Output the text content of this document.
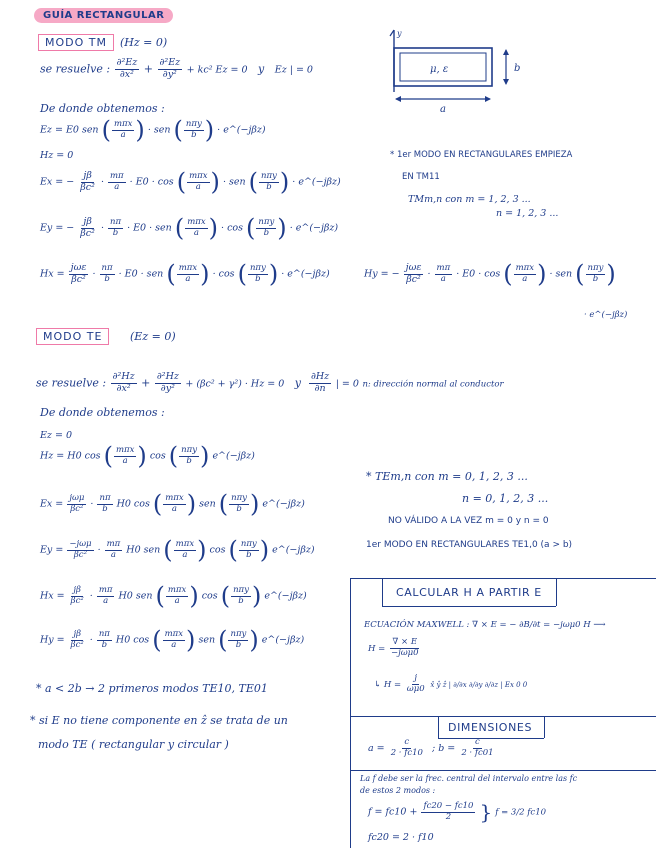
GUÍA RECTANGULAR
MODO TM	(Hz = 0)
se resuelve : $\frac{\text{∂²Ez}}{\text{∂x²}} + \frac{\text{∂²Ez}}{\text{∂y²}} + kc^2$ Ez = 0 y Ez | = 0
y
μ, ε	b
a
De donde obtenemos :
Ez = E0 sen ( $\frac{\text{mπx}}{a}$ ) · sen ( $\frac{\text{nπy}}{b}$ ) · e^(−jβz)
Hz = 0
Ex = − $\frac{j\beta}{\text{βc²}} \cdot \frac{m\pi}{a} \cdot E0 \cdot \cos$ ( $\frac{\text{mπx}}{a}$ ) · sen ( $\frac{\text{nπy}}{b}$ ) · e^(−jβz)
Ey = − $\frac{j\beta}{\text{βc²}} \cdot \frac{n\pi}{b} \cdot E0$ · sen ( $\frac{\text{mπx}}{a}$ ) · cos ( $\frac{\text{nπy}}{b}$ ) · e^(−jβz)
$Hx = \frac{\text{jωε}}{\text{βc²}} \cdot \frac{n\pi}{b} \cdot E0$ · sen ( $\frac{\text{mπx}}{a}$ ) · cos ( $\frac{\text{nπy}}{b}$ ) · e^(−jβz)	Hy = − $\frac{\text{jωε}}{\text{βc²}} \cdot \frac{m\pi}{a} \cdot E0 \cdot \cos$ ( $\frac{\text{mπx}}{a}$ ) · sen ( $\frac{\text{nπy}}{b}$ )
· e^(−jβz)
* 1er MODO EN RECTANGULARES EMPIEZA
EN TM11
TMm,n con m = 1, 2, 3 ...
n = 1, 2, 3 ...
MODO TE	(Ez = 0)
se resuelve : $\frac{\text{∂²Hz}}{\text{∂x²}} + \frac{\text{∂²Hz}}{\text{∂y²}} + (\beta c^2 + \gamma^2) \cdot Hz = 0$ y $\frac{\partial Hz}{\partial n}$ | = 0 n: dirección normal al conductor
De donde obtenemos :
Ez = 0
Hz = H0 cos ( $\frac{\text{mπx}}{a}$ ) cos ( $\frac{\text{nπy}}{b}$ ) e^(−jβz)
$Ex = \frac{\text{jωμ}}{\text{βc²}} \cdot \frac{n\pi}{b} H0$ cos ( $\frac{\text{mπx}}{a}$ ) sen ( $\frac{\text{nπy}}{b}$ ) e^(−jβz)
$Ey = \frac{\text{−jωμ}}{\text{βc²}} \cdot \frac{m\pi}{a} H0$ sen ( $\frac{\text{mπx}}{a}$ ) cos ( $\frac{\text{nπy}}{b}$ ) e^(−jβz)
$Hx = \frac{j\beta}{\text{βc²}} \cdot \frac{m\pi}{a} H0$ sen ( $\frac{\text{mπx}}{a}$ ) cos ( $\frac{\text{nπy}}{b}$ ) e^(−jβz)
$Hy = \frac{j\beta}{\text{βc²}} \cdot \frac{n\pi}{b} H0$ cos ( $\frac{\text{mπx}}{a}$ ) sen ( $\frac{\text{nπy}}{b}$ ) e^(−jβz)
* TEm,n con m = 0, 1, 2, 3 ...
n = 0, 1, 2, 3 ...
NO VÁLIDO A LA VEZ m = 0 y n = 0
1er MODO EN RECTANGULARES TE1,0 (a > b)
* a < 2b → 2 primeros modos TE10, TE01
* si E no tiene componente en ẑ se trata de un
modo TE ( rectangular y circular )
CALCULAR H A PARTIR E
ECUACIÓN MAXWELL : ∇ × E = − ∂B/∂t = −jωμ0 H ⟶
$H = \frac{\nabla \times E}{\text{−jωμ0}}$
↳ $H = \frac{j}{\omega\mu 0}$ x̂ ŷ ẑ | ∂/∂x ∂/∂y ∂/∂z | Ex 0 0
DIMENSIONES
$a = \frac{c}{2 \cdot fc10}$ ; $b = \frac{c}{2 \cdot fc01}$
La f debe ser la frec. central del intervalo entre las fc
de estos 2 modos :
$f = fc10 + \frac{fc20 - fc10}{2}$ } f = 3/2 fc10
fc20 = 2 · f10
